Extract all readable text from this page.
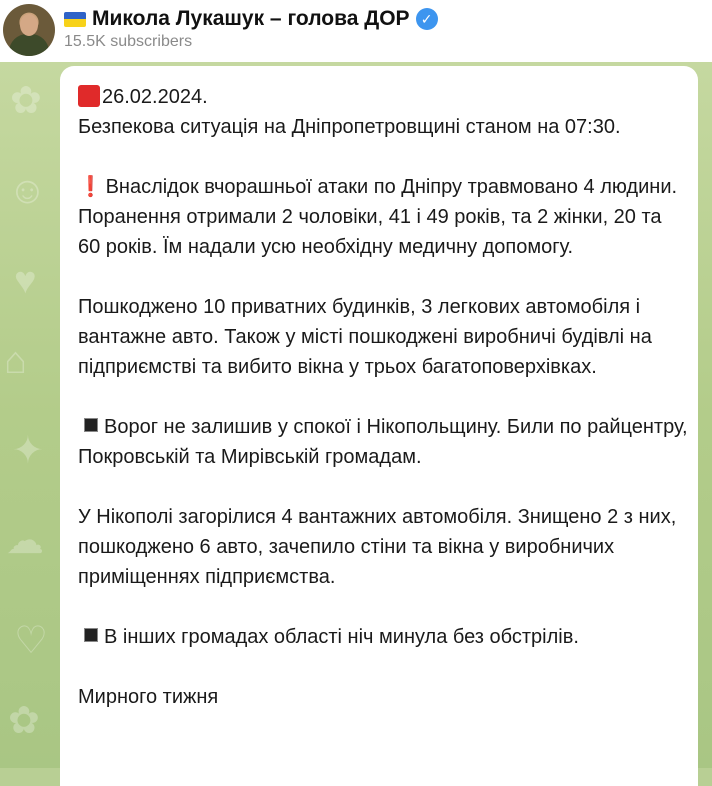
Микола Лукашук – голова ДОР ✓
15.5K subscribers
✿
☺
♥
⌂
✦
☁
♡
✿

26.02.2024.

Безпекова ситуація на Дніпропетровщині станом на 07:30.

❗ Внаслідок вчорашньої атаки по Дніпру травмовано 4 людини. Поранення отримали 2 чоловіки, 41 і 49 років, та 2 жінки, 20 та 60 років. Їм надали усю необхідну медичну допомогу.

Пошкоджено 10 приватних будинків, 3 легкових автомобіля і вантажне авто. Також у місті пошкоджені виробничі будівлі на підприємстві та вибито вікна у трьох багатоповерхівках.

Ворог не залишив у спокої і Нікопольщину. Били по райцентру, Покровській та Мирівській громадам.

У Нікополі загорілися 4 вантажних автомобіля. Знищено 2 з них, пошкоджено 6 авто, зачепило стіни та вікна у виробничих приміщеннях підприємства.

В інших громадах області ніч минула без обстрілів.

Мирного тижня
